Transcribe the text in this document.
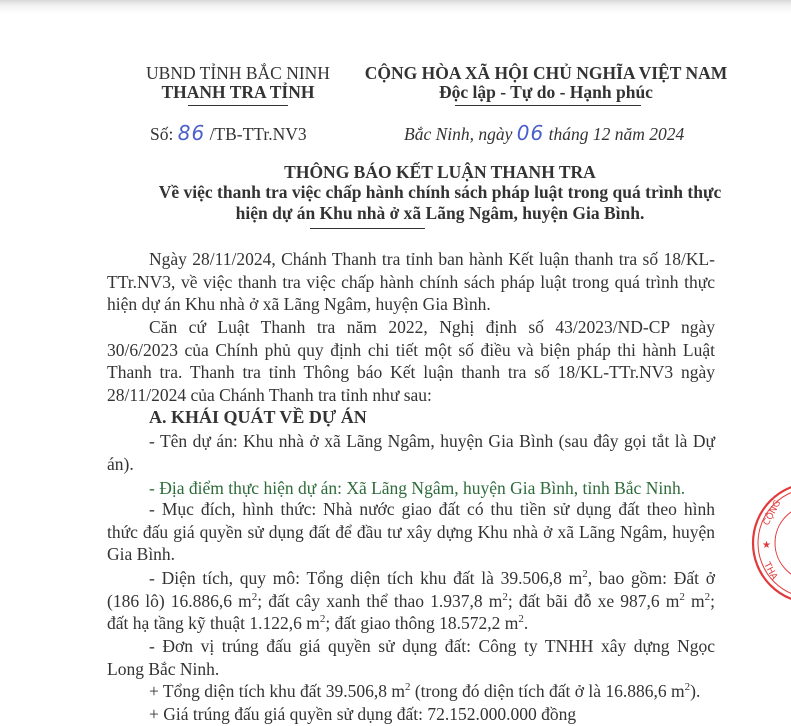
UBND TỈNH BẮC NINH
THANH TRA TỈNH
Số: 86 /TB-TTr.NV3
CỘNG HÒA XÃ HỘI CHỦ NGHĨA VIỆT NAM
Độc lập - Tự do - Hạnh phúc
Bắc Ninh, ngày 06 tháng 12 năm 2024
THÔNG BÁO KẾT LUẬN THANH TRA
Về việc thanh tra việc chấp hành chính sách pháp luật trong quá trình thực
hiện dự án Khu nhà ở xã Lãng Ngâm, huyện Gia Bình.
Ngày 28/11/2024, Chánh Thanh tra tỉnh ban hành Kết luận thanh tra số 18/KL-
TTr.NV3, về việc thanh tra việc chấp hành chính sách pháp luật trong quá trình thực
hiện dự án Khu nhà ở xã Lãng Ngâm, huyện Gia Bình.
Căn cứ Luật Thanh tra năm 2022, Nghị định số 43/2023/ND-CP ngày
30/6/2023 của Chính phủ quy định chi tiết một số điều và biện pháp thi hành Luật
Thanh tra. Thanh tra tỉnh Thông báo Kết luận thanh tra số 18/KL-TTr.NV3 ngày
28/11/2024 của Chánh Thanh tra tỉnh như sau:
A. KHÁI QUÁT VỀ DỰ ÁN
- Tên dự án: Khu nhà ở xã Lãng Ngâm, huyện Gia Bình (sau đây gọi tắt là Dự
án).
- Địa điểm thực hiện dự án: Xã Lãng Ngâm, huyện Gia Bình, tỉnh Bắc Ninh.
- Mục đích, hình thức: Nhà nước giao đất có thu tiền sử dụng đất theo hình
thức đấu giá quyền sử dụng đất để đầu tư xây dựng Khu nhà ở xã Lãng Ngâm, huyện
Gia Bình.
- Diện tích, quy mô: Tổng diện tích khu đất là 39.506,8 $m^2$, bao gồm: Đất ở
(186 lô) 16.886,6 $m^2$; đất cây xanh thể thao 1.937,8 $m^2$; đất bãi đỗ xe 987,6 $m^2$ $m^2$;
đất hạ tầng kỹ thuật 1.122,6 $m^2$; đất giao thông 18.572,2 $m^2$.
- Đơn vị trúng đấu giá quyền sử dụng đất: Công ty TNHH xây dựng Ngọc
Long Bắc Ninh.
+ Tổng diện tích khu đất 39.506,8 $m^2$ (trong đó diện tích đất ở là 16.886,6 $m^2$).
+ Giá trúng đấu giá quyền sử dụng đất: 72.152.000.000 đồng
CỘNG
★
THA
